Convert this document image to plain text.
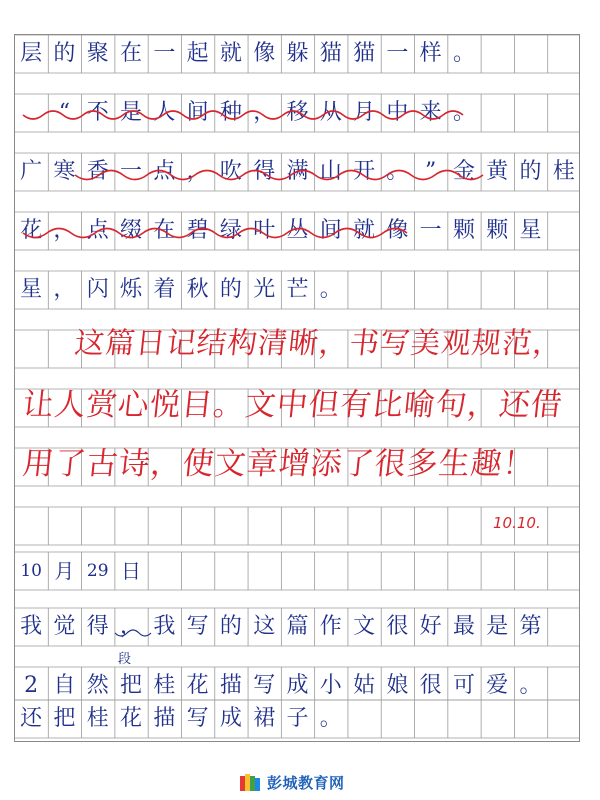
层 的 聚 在 一 起 就 像 躲 猫 猫 一 样 。

“ 不 是 人 间 种 ， 移 从 月 中 来 。
广 寒 香 一 点 ， 吹 得 满 山 开 。 ” 金 黄 的 桂
花 ， 点 缀 在 碧 绿 叶 丛 间 就 像 一 颗 颗 星
星 ， 闪 烁 着 秋 的 光 芒 。
这篇日记结构清晰，书写美观规范，
让人赏心悦目。文中但有比喻句，还借
用了古诗，使文章增添了很多生趣！
10.10.
10 月 29 日
我 觉 得 ， 我 写 的 这 篇 作 文 很 好 最 是 第
段
2 自 然 把 桂 花 描 写 成 小 姑 娘 很 可 爱 。
还 把 桂 花 描 写 成 裙 子 。
彭城教育网
